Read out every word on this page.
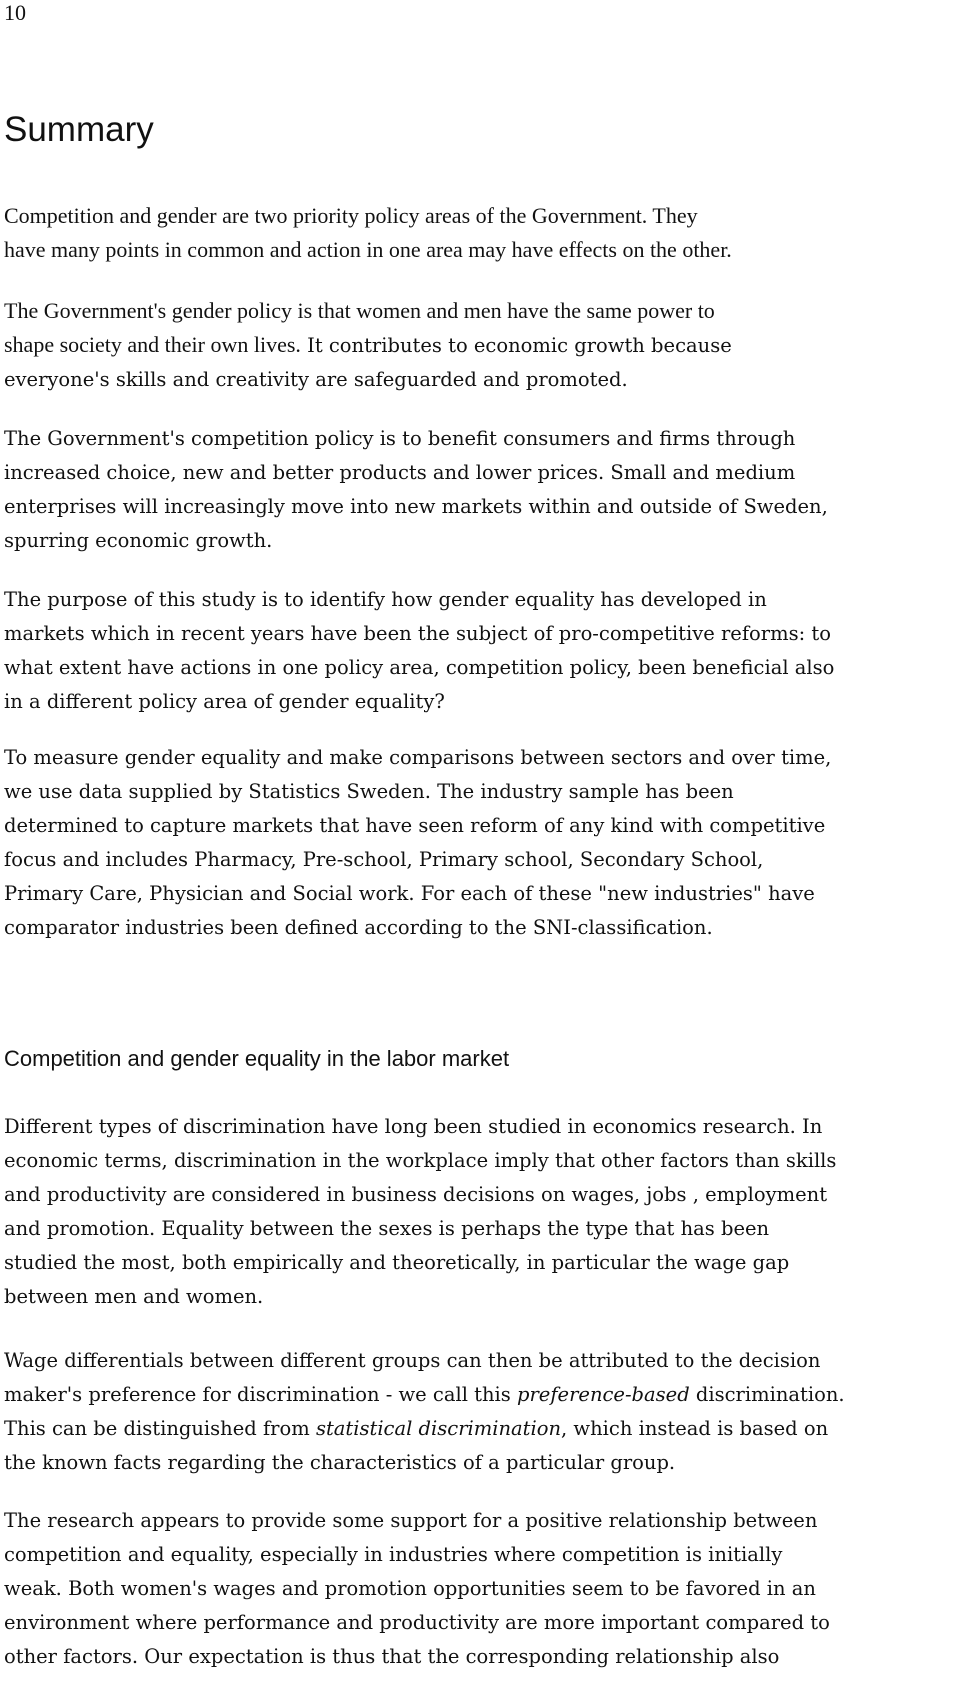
10
Summary

Competition and gender are two priority policy areas of the Government. They
have many points in common and action in one area may have effects on the other.

The Government's gender policy is that women and men have the same power to
shape society and their own lives. It contributes to economic growth because
everyone's skills and creativity are safeguarded and promoted.

The Government's competition policy is to benefit consumers and firms through
increased choice, new and better products and lower prices. Small and medium
enterprises will increasingly move into new markets within and outside of Sweden,
spurring economic growth.

The purpose of this study is to identify how gender equality has developed in
markets which in recent years have been the subject of pro-competitive reforms: to
what extent have actions in one policy area, competition policy, been beneficial also
in a different policy area of gender equality?

To measure gender equality and make comparisons between sectors and over time,
we use data supplied by Statistics Sweden. The industry sample has been
determined to capture markets that have seen reform of any kind with competitive
focus and includes Pharmacy, Pre-school, Primary school, Secondary School,
Primary Care, Physician and Social work. For each of these "new industries" have
comparator industries been defined according to the SNI-classification.

Competition and gender equality in the labor market

Different types of discrimination have long been studied in economics research. In
economic terms, discrimination in the workplace imply that other factors than skills
and productivity are considered in business decisions on wages, jobs , employment
and promotion. Equality between the sexes is perhaps the type that has been
studied the most, both empirically and theoretically, in particular the wage gap
between men and women.

Wage differentials between different groups can then be attributed to the decision
maker's preference for discrimination - we call this preference-based discrimination.
This can be distinguished from statistical discrimination, which instead is based on
the known facts regarding the characteristics of a particular group.

The research appears to provide some support for a positive relationship between
competition and equality, especially in industries where competition is initially
weak. Both women's wages and promotion opportunities seem to be favored in an
environment where performance and productivity are more important compared to
other factors. Our expectation is thus that the corresponding relationship also
